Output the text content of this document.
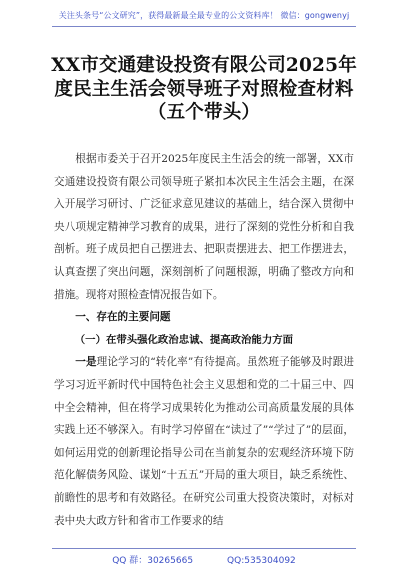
关注头条号“公文研究”，获得最新最全最专业的公文资料库！ 微信：gongwenyj
XX市交通建设投资有限公司2025年度民主生活会领导班子对照检查材料（五个带头）

根据市委关于召开2025年度民主生活会的统一部署，XX市交通建设投资有限公司领导班子紧扣本次民主生活会主题，在深入开展学习研讨、广泛征求意见建议的基础上，结合深入贯彻中央八项规定精神学习教育的成果，进行了深刻的党性分析和自我剖析。班子成员把自己摆进去、把职责摆进去、把工作摆进去，认真查摆了突出问题，深刻剖析了问题根源，明确了整改方向和措施。现将对照检查情况报告如下。

一、存在的主要问题
（一）在带头强化政治忠诚、提高政治能力方面

一是理论学习的“转化率”有待提高。虽然班子能够及时跟进学习习近平新时代中国特色社会主义思想和党的二十届三中、四中全会精神，但在将学习成果转化为推动公司高质量发展的具体实践上还不够深入。有时学习停留在“读过了”“学过了”的层面，如何运用党的创新理论指导公司在当前复杂的宏观经济环境下防范化解债务风险、谋划“十五五”开局的重大项目，缺乏系统性、前瞻性的思考和有效路径。在研究公司重大投资决策时，对标对表中央大政方针和省市工作要求的结

QQ 群：30265665	QQ:535304092
